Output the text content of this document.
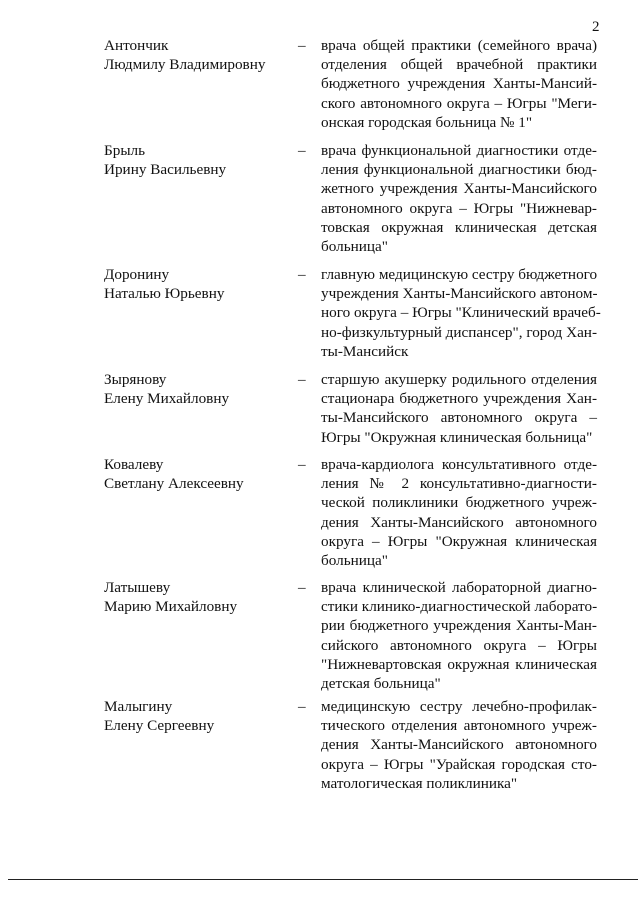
2
Антончик
Людмилу Владимировну
– врача общей практики (семейного врача)
отделения общей врачебной практики
бюджетного учреждения Ханты-Мансий-
ского автономного округа – Югры "Меги-
онская городская больница № 1"
Брыль
Ирину Васильевну
– врача функциональной диагностики отде-
ления функциональной диагностики бюд-
жетного учреждения Ханты-Мансийского
автономного округа – Югры "Нижневар-
товская окружная клиническая детская
больница"
Доронину
Наталью Юрьевну
– главную медицинскую сестру бюджетного
учреждения Ханты-Мансийского автоном-
ного округа – Югры "Клинический врачеб-
но-физкультурный диспансер", город Хан-
ты-Мансийск
Зырянову
Елену Михайловну
– старшую акушерку родильного отделения
стационара бюджетного учреждения Хан-
ты-Мансийского автономного округа –
Югры "Окружная клиническая больница"
Ковалеву
Светлану Алексеевну
– врача-кардиолога консультативного отде-
ления № 2 консультативно-диагности-
ческой поликлиники бюджетного учреж-
дения Ханты-Мансийского автономного
округа – Югры "Окружная клиническая
больница"
Латышеву
Марию Михайловну
– врача клинической лабораторной диагно-
стики клинико-диагностической лаборато-
рии бюджетного учреждения Ханты-Ман-
сийского автономного округа – Югры
"Нижневартовская окружная клиническая
детская больница"
Малыгину
Елену Сергеевну
– медицинскую сестру лечебно-профилак-
тического отделения автономного учреж-
дения Ханты-Мансийского автономного
округа – Югры "Урайская городская сто-
матологическая поликлиника"
